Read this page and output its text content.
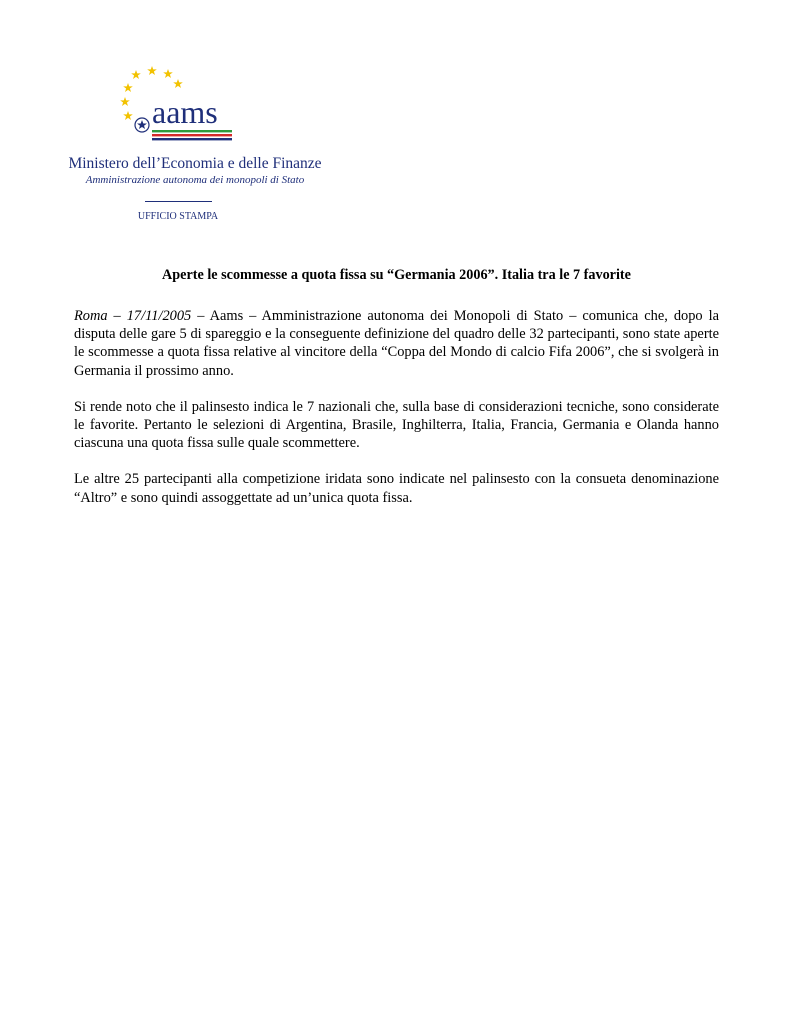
aams
Ministero dell’Economia e delle Finanze
Amministrazione autonoma dei monopoli di Stato
UFFICIO STAMPA
Aperte le scommesse a quota fissa su “Germania 2006”. Italia tra le 7 favorite

Roma – 17/11/2005 – Aams – Amministrazione autonoma dei Monopoli di Stato – comunica che, dopo la disputa delle gare 5 di spareggio e la conseguente definizione del quadro delle 32 partecipanti, sono state aperte le scommesse a quota fissa relative al vincitore della “Coppa del Mondo di calcio Fifa 2006”, che si svolgerà in Germania il prossimo anno.

Si rende noto che il palinsesto indica le 7 nazionali che, sulla base di considerazioni tecniche, sono considerate le favorite. Pertanto le selezioni di Argentina, Brasile, Inghilterra, Italia, Francia, Germania e Olanda hanno ciascuna una quota fissa sulle quale scommettere.

Le altre 25 partecipanti alla competizione iridata sono indicate nel palinsesto con la consueta denominazione “Altro” e sono quindi assoggettate ad un’unica quota fissa.
